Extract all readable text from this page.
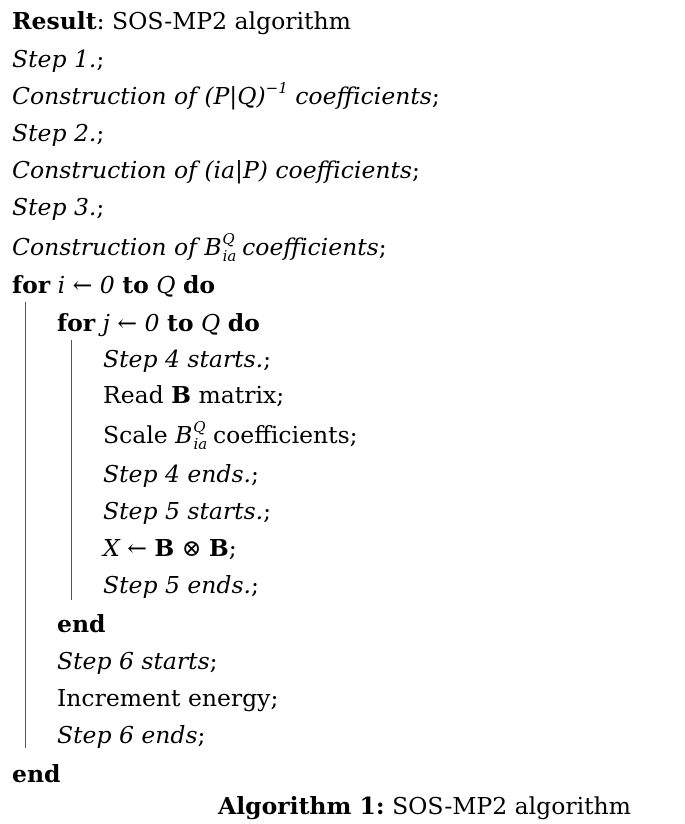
Result: SOS-MP2 algorithm
Step 1.;
Construction of $(P|Q)^{-1}$ coefficients;
Step 2.;
Construction of (ia|P) coefficients;
Step 3.;
Construction of $B_{ia}^Q$ coefficients;
for i ← 0 to Q do
for j ← 0 to Q do
Step 4 starts.;
Read B matrix;
Scale $B_{ia}^Q$ coefficients;
Step 4 ends.;
Step 5 starts.;
X ← B ⊗ B;
Step 5 ends.;
end
Step 6 starts;
Increment energy;
Step 6 ends;
end
Algorithm 1: SOS-MP2 algorithm
